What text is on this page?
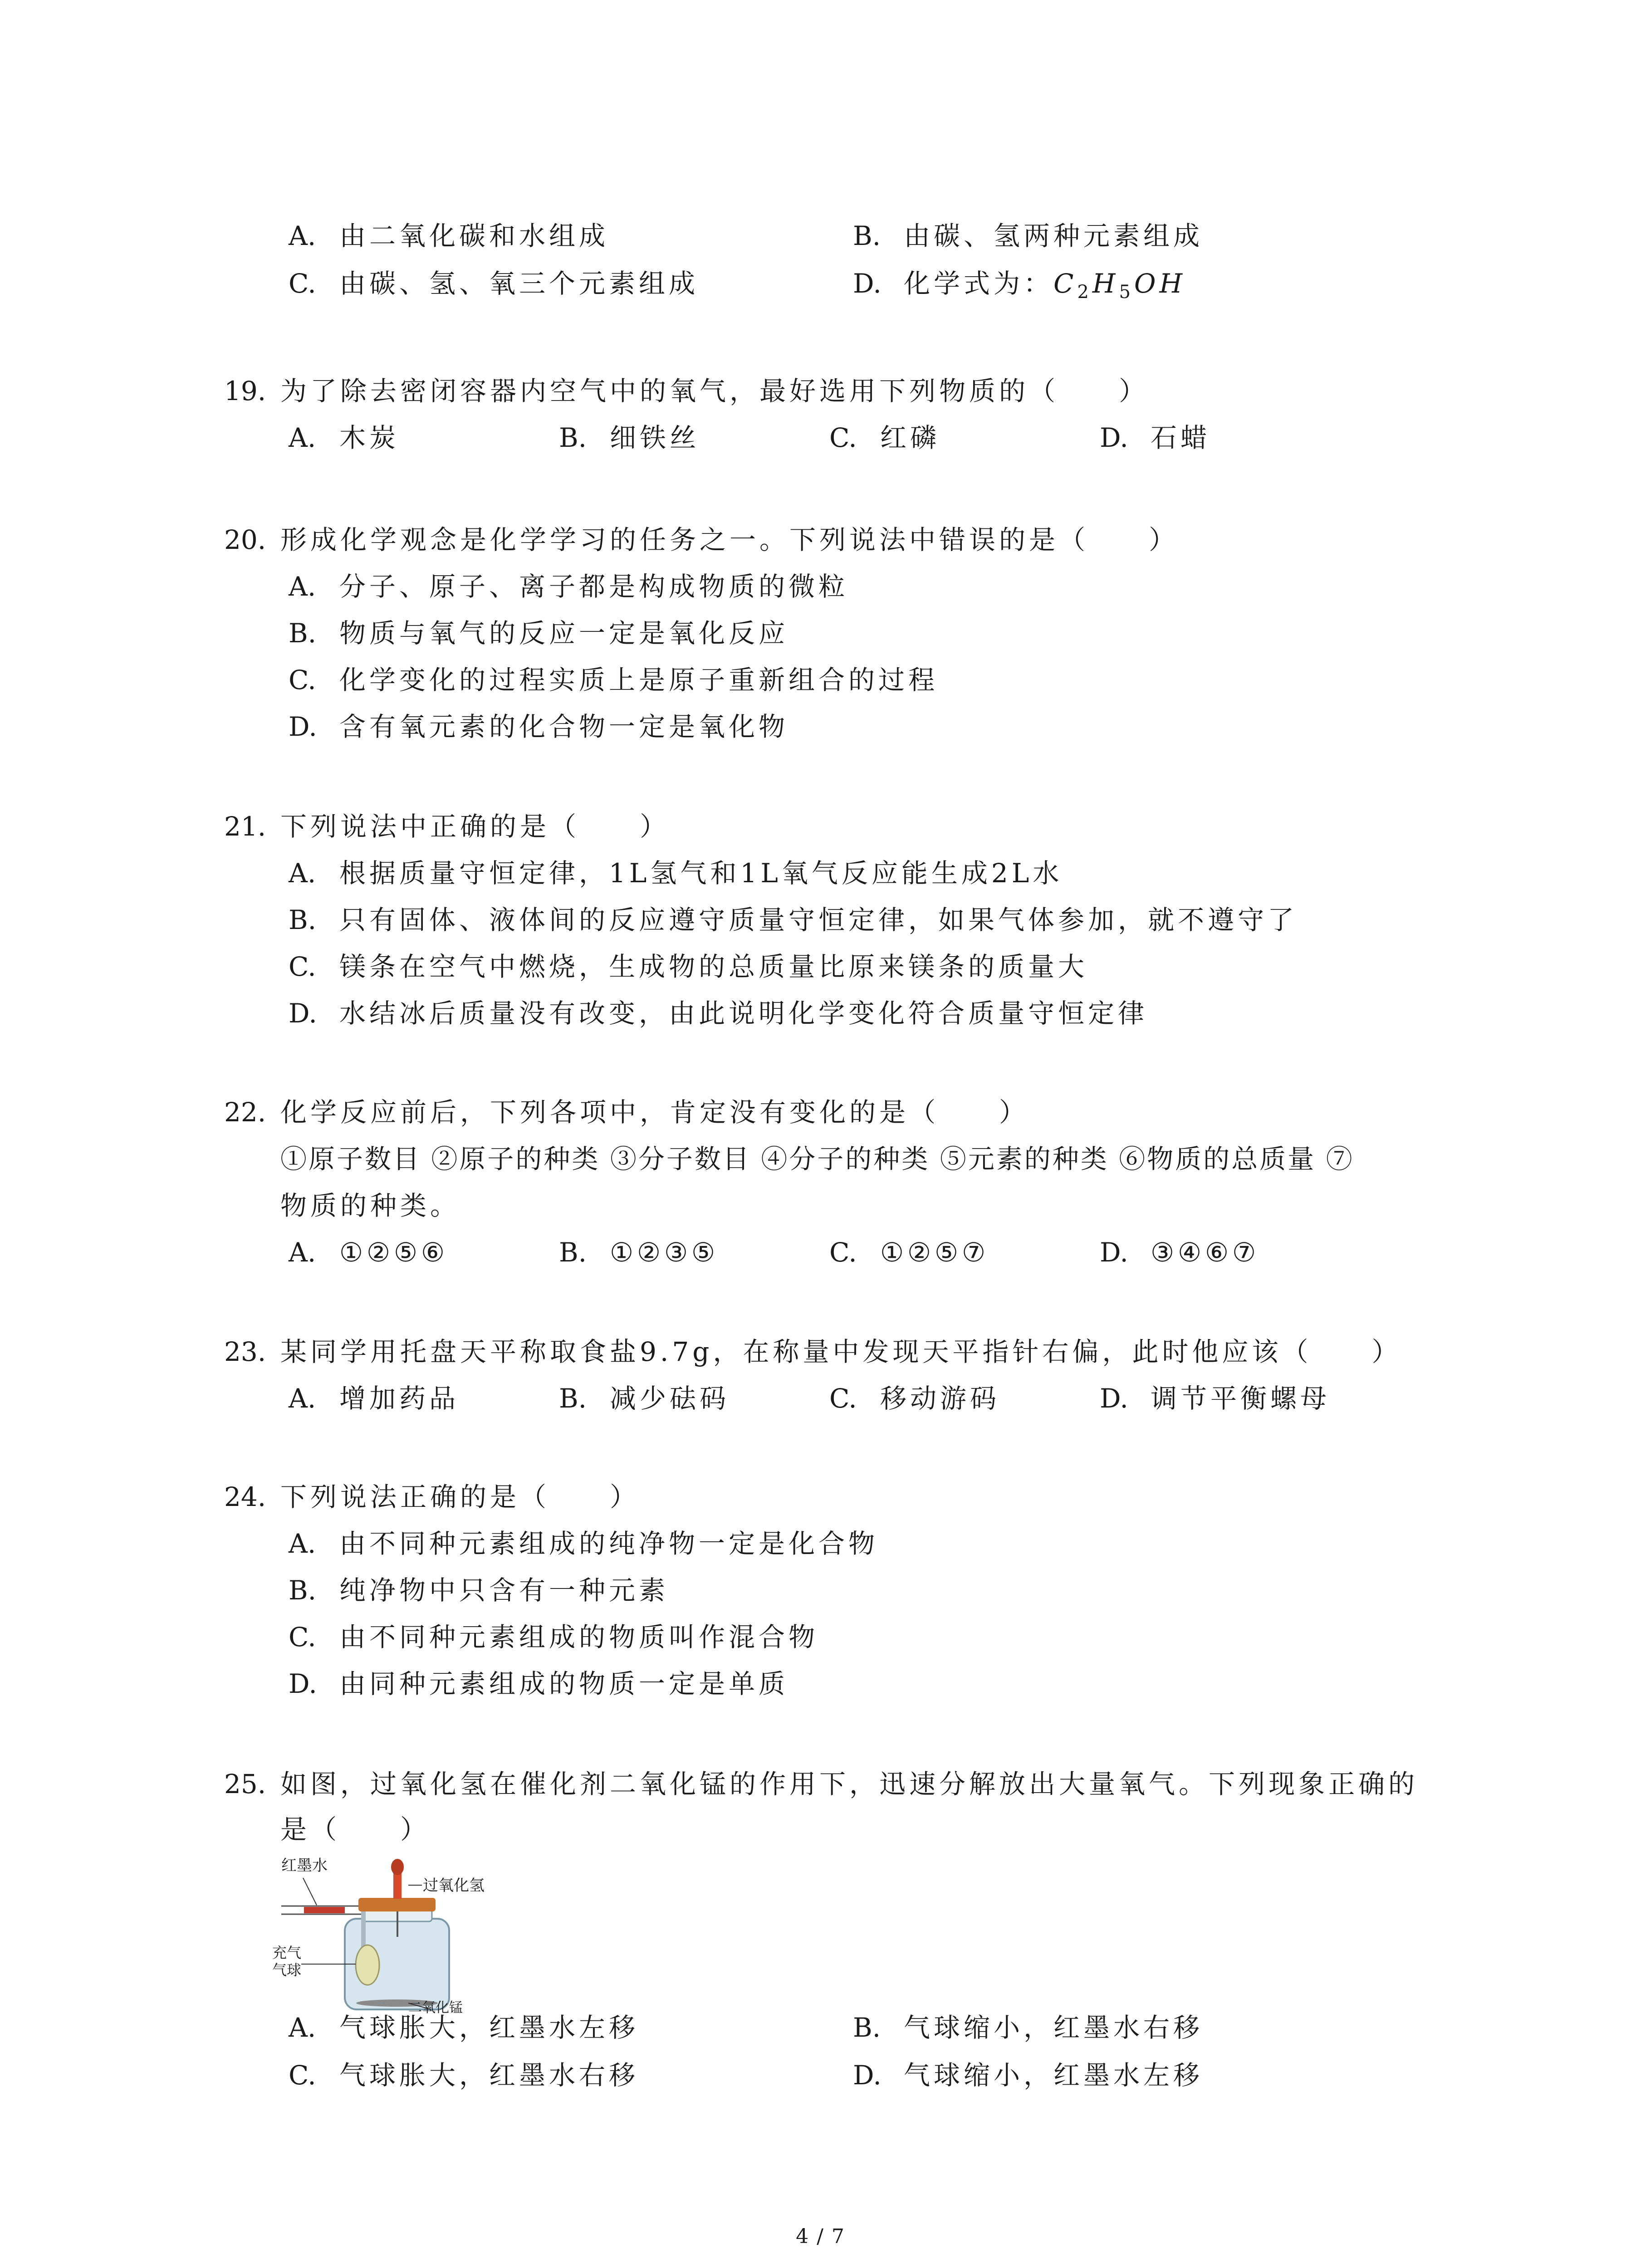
A. 由二氧化碳和水组成	B. 由碳、氢两种元素组成
C. 由碳、氢、氧三个元素组成	D. 化学式为：$C_2H_5OH$
19. 为了除去密闭容器内空气中的氧气，最好选用下列物质的（　　）
A. 木炭	B. 细铁丝	C. 红磷	D. 石蜡
20. 形成化学观念是化学学习的任务之一。下列说法中错误的是（　　）
A. 分子、原子、离子都是构成物质的微粒
B. 物质与氧气的反应一定是氧化反应
C. 化学变化的过程实质上是原子重新组合的过程
D. 含有氧元素的化合物一定是氧化物
21. 下列说法中正确的是（　　）
A. 根据质量守恒定律，1L氢气和1L氧气反应能生成2L水
B. 只有固体、液体间的反应遵守质量守恒定律，如果气体参加，就不遵守了
C. 镁条在空气中燃烧，生成物的总质量比原来镁条的质量大
D. 水结冰后质量没有改变，由此说明化学变化符合质量守恒定律
22. 化学反应前后，下列各项中，肯定没有变化的是（　　）
①原子数目 ②原子的种类 ③分子数目 ④分子的种类 ⑤元素的种类 ⑥物质的总质量 ⑦
物质的种类。
A. ①②⑤⑥	B. ①②③⑤	C. ①②⑤⑦	D. ③④⑥⑦
23. 某同学用托盘天平称取食盐9.7g，在称量中发现天平指针右偏，此时他应该（　　）
A. 增加药品	B. 减少砝码	C. 移动游码	D. 调节平衡螺母
24. 下列说法正确的是（　　）
A. 由不同种元素组成的纯净物一定是化合物
B. 纯净物中只含有一种元素
C. 由不同种元素组成的物质叫作混合物
D. 由同种元素组成的物质一定是单质
25. 如图，过氧化氢在催化剂二氧化锰的作用下，迅速分解放出大量氧气。下列现象正确的
是（　　）
红墨水
过氧化氢
充气
气球
二氧化锰
A. 气球胀大，红墨水左移	B. 气球缩小，红墨水右移
C. 气球胀大，红墨水右移	D. 气球缩小，红墨水左移
4 / 7
